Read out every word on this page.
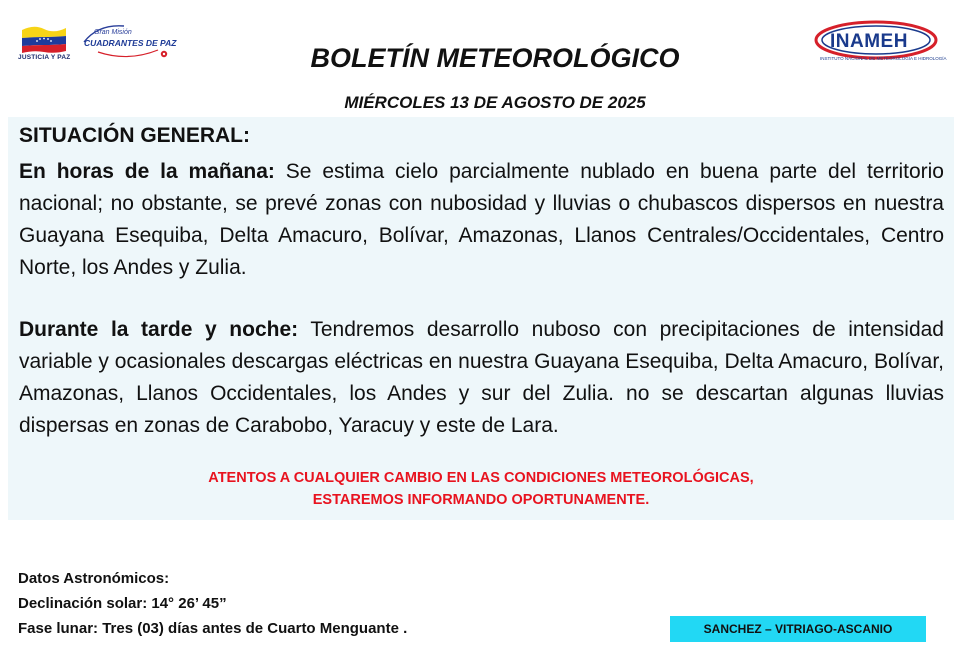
JUSTICIA Y PAZ
Gran Misión
CUADRANTES DE PAZ	INAMEH
INSTITUTO NACIONAL DE METEOROLOGÍA E HIDROLOGÍA
BOLETÍN METEOROLÓGICO
MIÉRCOLES 13 DE AGOSTO DE 2025
SITUACIÓN GENERAL:
En horas de la mañana: Se estima cielo parcialmente nublado en buena parte del territorio nacional; no obstante, se prevé zonas con nubosidad y lluvias o chubascos dispersos en nuestra Guayana Esequiba, Delta Amacuro, Bolívar, Amazonas, Llanos Centrales/Occidentales, Centro Norte, los Andes y Zulia.
Durante la tarde y noche: Tendremos desarrollo nuboso con precipitaciones de intensidad variable y ocasionales descargas eléctricas en nuestra Guayana Esequiba, Delta Amacuro, Bolívar, Amazonas, Llanos Occidentales, los Andes y sur del Zulia. no se descartan algunas lluvias dispersas en zonas de Carabobo, Yaracuy y este de Lara.
ATENTOS A CUALQUIER CAMBIO EN LAS CONDICIONES METEOROLÓGICAS,
ESTAREMOS INFORMANDO OPORTUNAMENTE.
Datos Astronómicos:
Declinación solar: 14° 26’ 45”
Fase lunar: Tres (03) días antes de Cuarto Menguante .	SANCHEZ – VITRIAGO-ASCANIO
